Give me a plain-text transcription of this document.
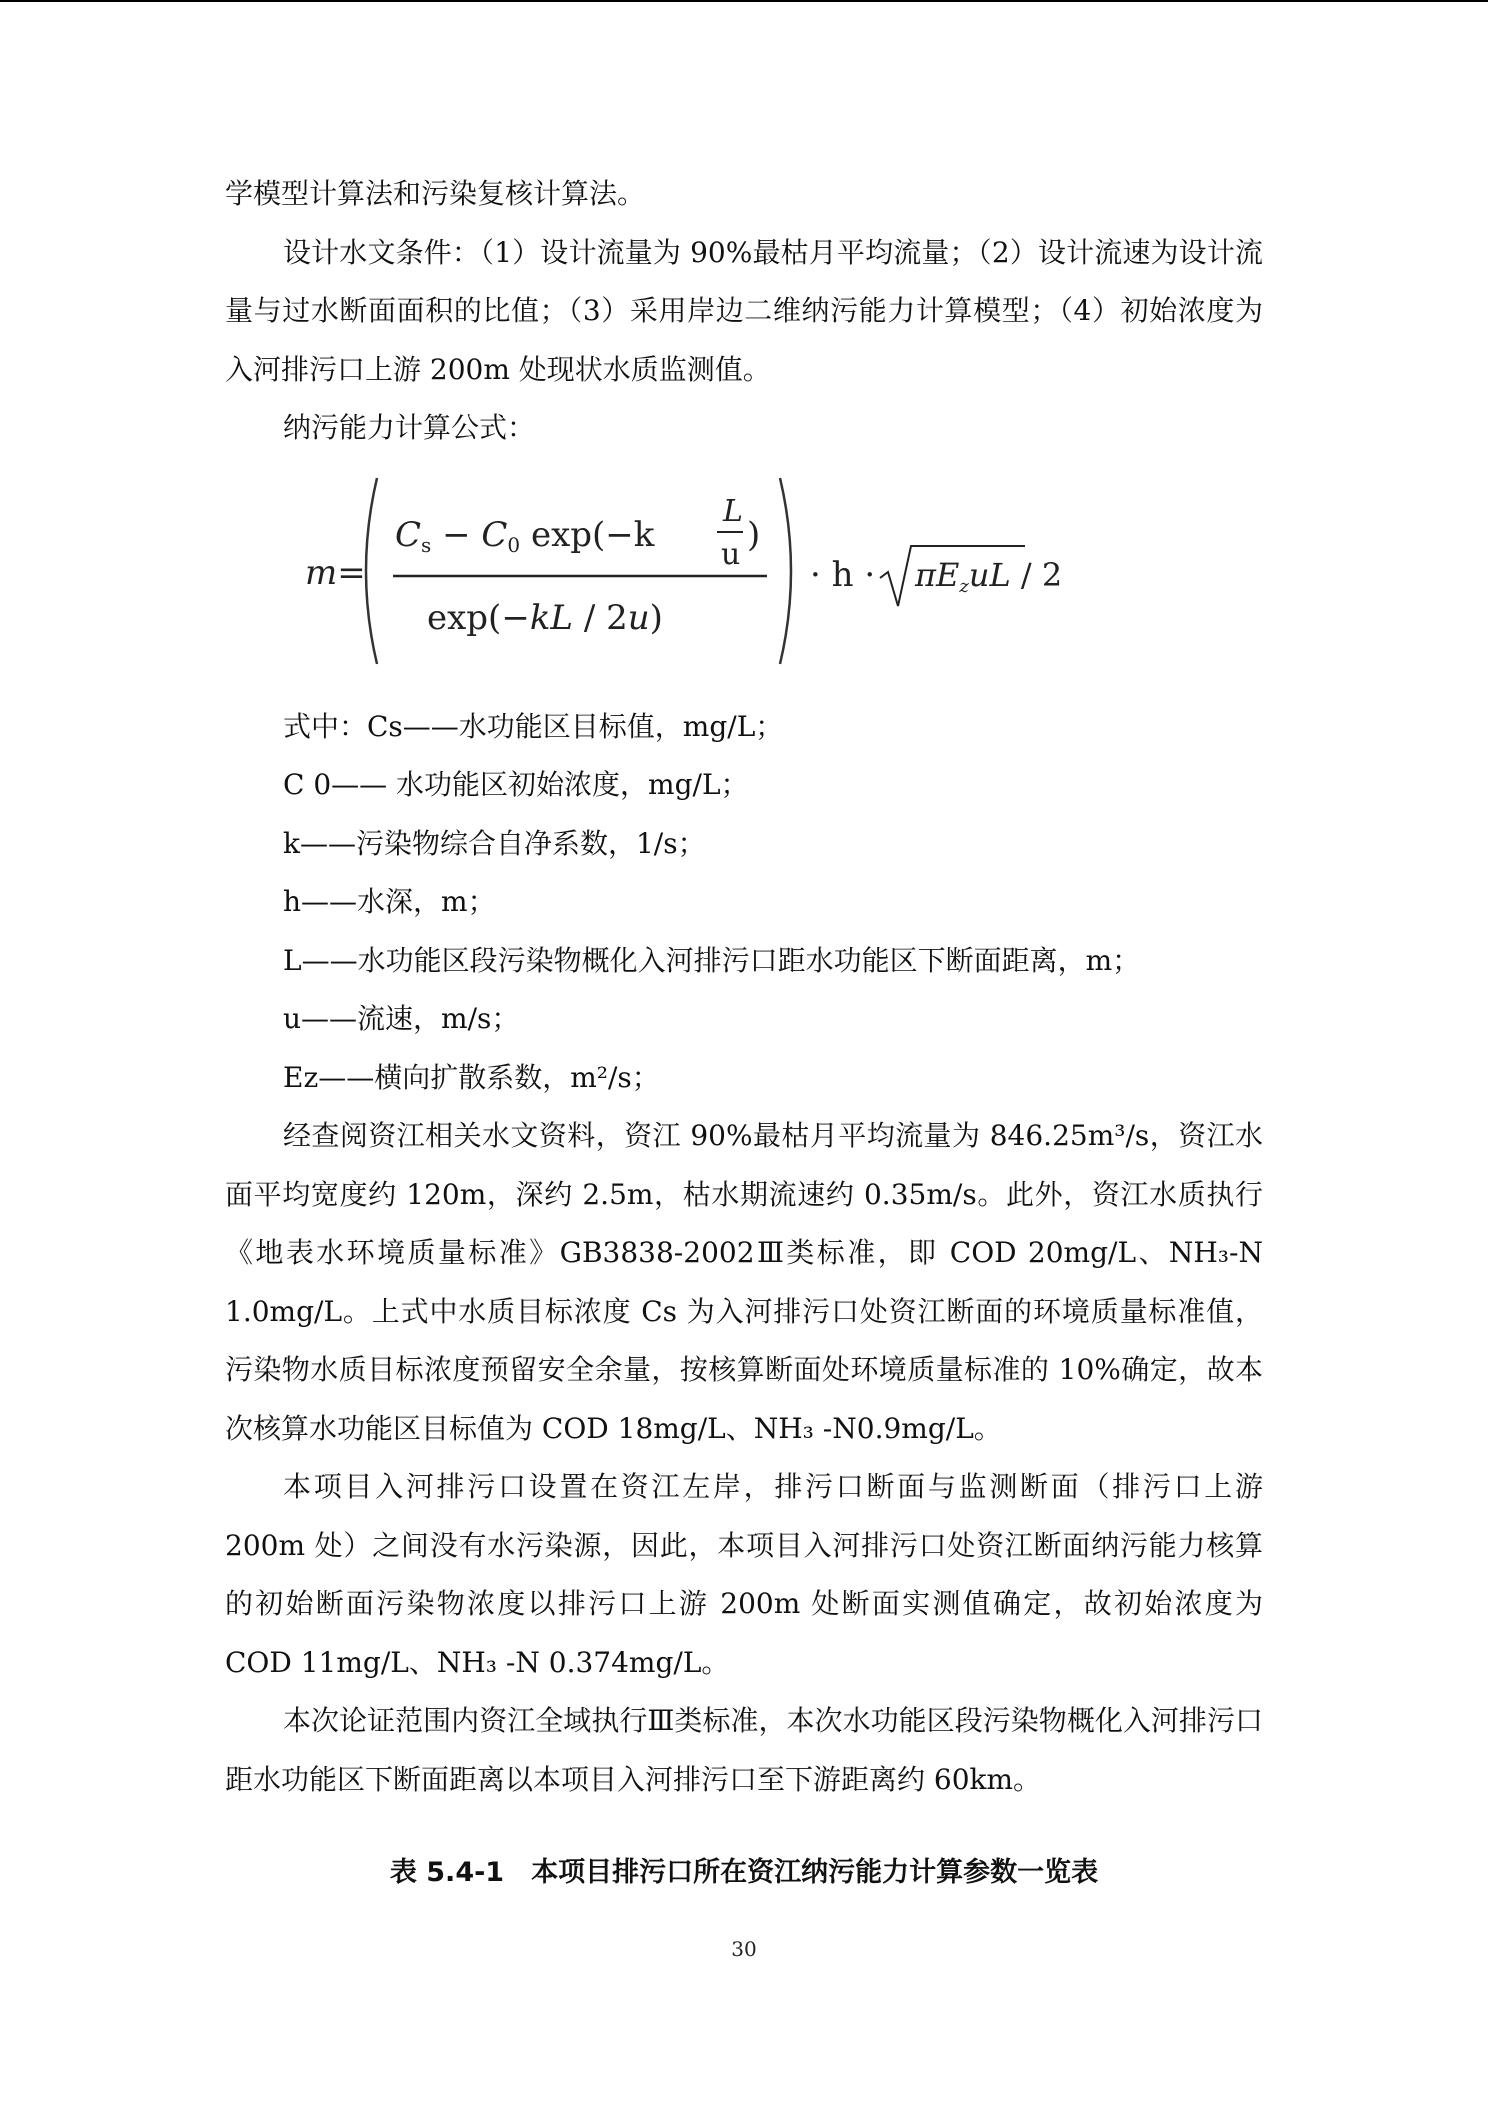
学模型计算法和污染复核计算法。

设计水文条件：（1）设计流量为 90%最枯月平均流量；（2）设计流速为设计流量与过水断面面积的比值；（3）采用岸边二维纳污能力计算模型；（4）初始浓度为入河排污口上游 200m 处现状水质监测值。

纳污能力计算公式：

m=
Cs − C0 exp(−k
L
u )
exp(−kL / 2u)
· h · πEzuL / 2

式中：Cs——水功能区目标值，mg/L；

C 0—— 水功能区初始浓度，mg/L；

k——污染物综合自净系数，1/s；

h——水深，m；

L——水功能区段污染物概化入河排污口距水功能区下断面距离，m；

u——流速，m/s；

Ez——横向扩散系数，m²/s；

经查阅资江相关水文资料，资江 90%最枯月平均流量为 846.25m³/s，资江水面平均宽度约 120m，深约 2.5m，枯水期流速约 0.35m/s。此外，资江水质执行《地表水环境质量标准》GB3838-2002Ⅲ类标准，即 COD 20mg/L、NH₃-N 1.0mg/L。上式中水质目标浓度 Cs 为入河排污口处资江断面的环境质量标准值，污染物水质目标浓度预留安全余量，按核算断面处环境质量标准的 10%确定，故本次核算水功能区目标值为 COD 18mg/L、NH₃ -N0.9mg/L。

本项目入河排污口设置在资江左岸，排污口断面与监测断面（排污口上游 200m 处）之间没有水污染源，因此，本项目入河排污口处资江断面纳污能力核算的初始断面污染物浓度以排污口上游 200m 处断面实测值确定，故初始浓度为 COD 11mg/L、NH₃ -N 0.374mg/L。

本次论证范围内资江全域执行Ⅲ类标准，本次水功能区段污染物概化入河排污口距水功能区下断面距离以本项目入河排污口至下游距离约 60km。

表 5.4-1　本项目排污口所在资江纳污能力计算参数一览表

30
